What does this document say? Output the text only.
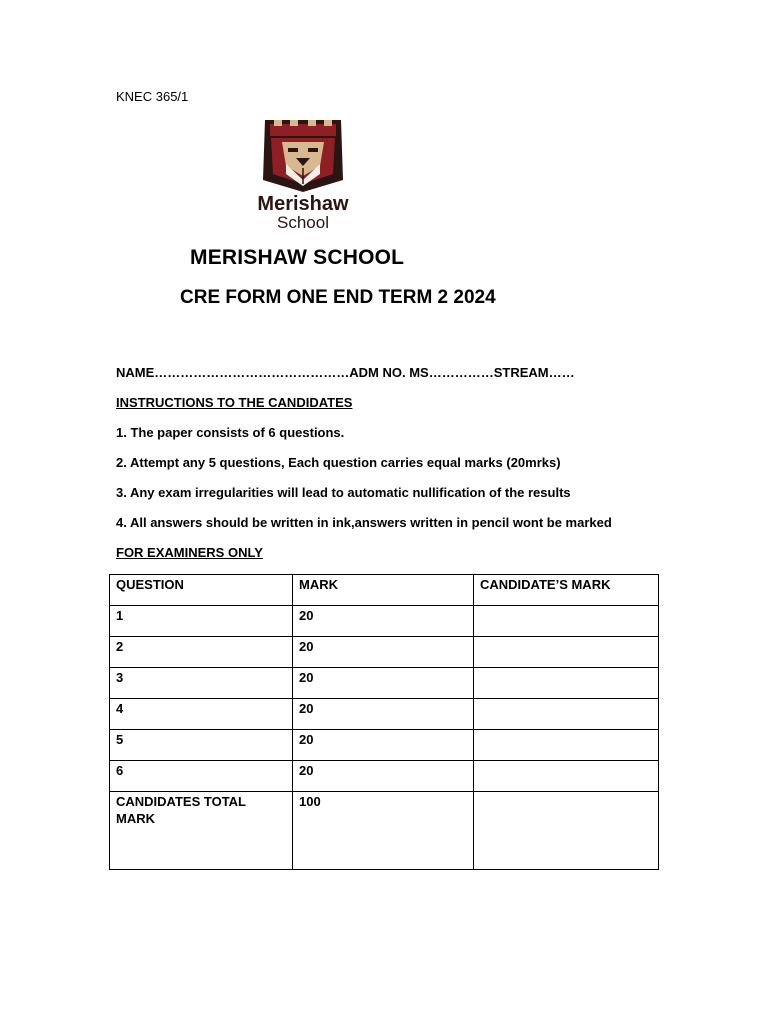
KNEC 365/1
Merishaw
School
MERISHAW SCHOOL
CRE FORM ONE END TERM 2 2024
NAME………………………………………ADM NO. MS……………STREAM……
INSTRUCTIONS TO THE CANDIDATES
1. The paper consists of 6 questions.
2. Attempt any 5 questions, Each question carries equal marks (20mrks)
3. Any exam irregularities will lead to automatic nullification of the results
4. All answers should be written in ink,answers written in pencil wont be marked
FOR EXAMINERS ONLY
QUESTION	MARK	CANDIDATE’S MARK
1	20	
2	20	
3	20	
4	20	
5	20	
6	20	
CANDIDATES TOTAL MARK	100	
